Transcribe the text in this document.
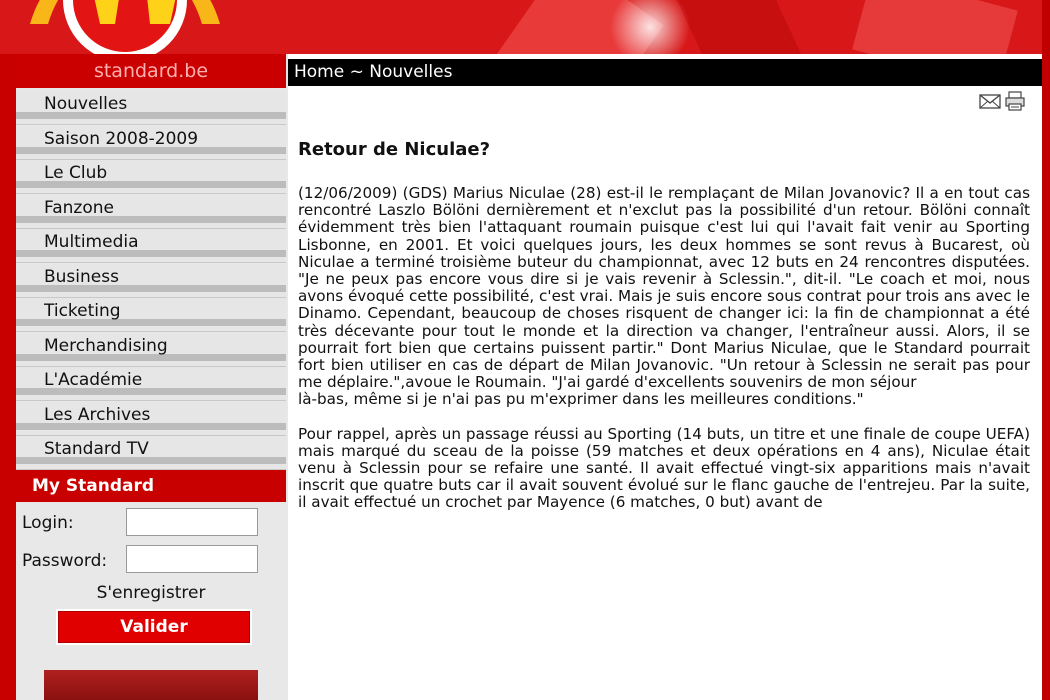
standard.be
Nouvelles
Saison 2008-2009
Le Club
Fanzone
Multimedia
Business
Ticketing
Merchandising
L'Académie
Les Archives
Standard TV
My Standard
Login:
Password:
S'enregistrer
Valider
Home ~ Nouvelles
Retour de Niculae?

(12/06/2009) (GDS) Marius Niculae (28) est-il le remplaçant de Milan Jovanovic? Il a en tout cas rencontré Laszlo Bölöni dernièrement et n'exclut pas la possibilité d'un retour. Bölöni connaît évidemment très bien l'attaquant roumain puisque c'est lui qui l'avait fait venir au Sporting Lisbonne, en 2001. Et voici quelques jours, les deux hommes se sont revus à Bucarest, où Niculae a terminé troisième buteur du championnat, avec 12 buts en 24 rencontres disputées. "Je ne peux pas encore vous dire si je vais revenir à Sclessin.", dit-il. "Le coach et moi, nous avons évoqué cette possibilité, c'est vrai. Mais je suis encore sous contrat pour trois ans avec le Dinamo. Cependant, beaucoup de choses risquent de changer ici: la fin de championnat a été très décevante pour tout le monde et la direction va changer, l'entraîneur aussi. Alors, il se pourrait fort bien que certains puissent partir." Dont Marius Niculae, que le Standard pourrait fort bien utiliser en cas de départ de Milan Jovanovic. "Un retour à Sclessin ne serait pas pour me déplaire.",avoue le Roumain. "J'ai gardé d'excellents souvenirs de mon séjour
là-bas, même si je n'ai pas pu m'exprimer dans les meilleures conditions."

Pour rappel, après un passage réussi au Sporting (14 buts, un titre et une finale de coupe UEFA) mais marqué du sceau de la poisse (59 matches et deux opérations en 4 ans), Niculae était venu à Sclessin pour se refaire une santé. Il avait effectué vingt-six apparitions mais n'avait inscrit que quatre buts car il avait souvent évolué sur le flanc gauche de l'entrejeu. Par la suite, il avait effectué un crochet par Mayence (6 matches, 0 but) avant de
